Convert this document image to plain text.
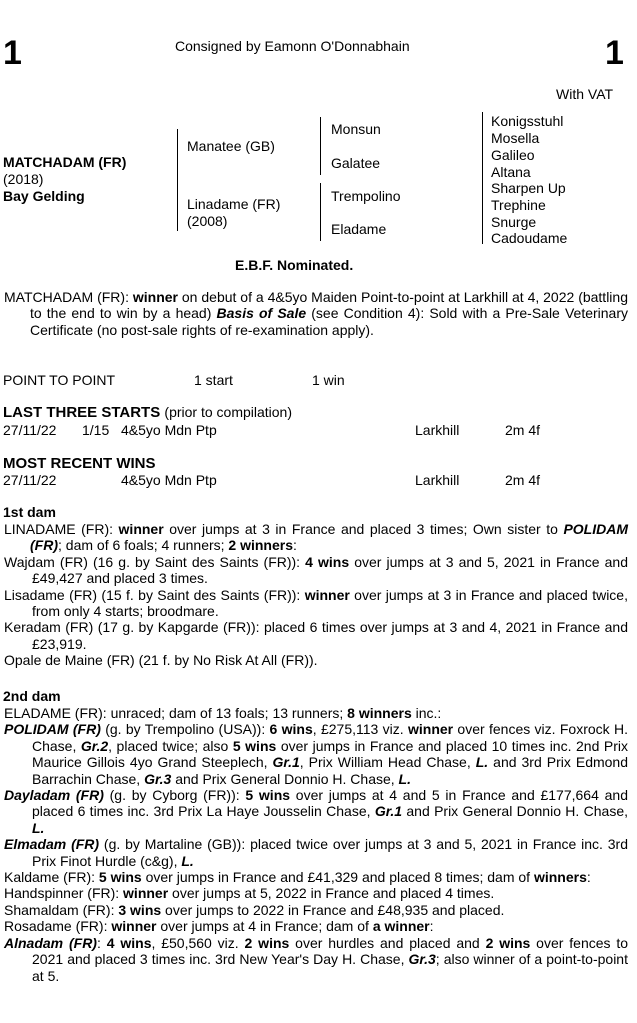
1	1
Consigned by Eamonn O'Donnabhain
With VAT
MATCHADAM (FR)
(2018)
Bay Gelding
Manatee (GB)
Linadame (FR)
(2008)
Monsun
Galatee
Trempolino
Eladame
Konigsstuhl
Mosella
Galileo
Altana
Sharpen Up
Trephine
Snurge
Cadoudame
E.B.F. Nominated.

MATCHADAM (FR): winner on debut of a 4&5yo Maiden Point-to-point at Larkhill at 4, 2022 (battling to the end to win by a head) Basis of Sale (see Condition 4): Sold with a Pre-Sale Veterinary Certificate (no post-sale rights of re-examination apply).

POINT TO POINT	1 start	1 win
LAST THREE STARTS (prior to compilation)
27/11/22 1/15 4&5yo Mdn Ptp	Larkhill	2m 4f
MOST RECENT WINS
27/11/22	4&5yo Mdn Ptp	Larkhill	2m 4f
1st dam

LINADAME (FR): winner over jumps at 3 in France and placed 3 times; Own sister to POLIDAM (FR); dam of 6 foals; 4 runners; 2 winners:

Wajdam (FR) (16 g. by Saint des Saints (FR)): 4 wins over jumps at 3 and 5, 2021 in France and £49,427 and placed 3 times.

Lisadame (FR) (15 f. by Saint des Saints (FR)): winner over jumps at 3 in France and placed twice, from only 4 starts; broodmare.

Keradam (FR) (17 g. by Kapgarde (FR)): placed 6 times over jumps at 3 and 4, 2021 in France and £23,919.

Opale de Maine (FR) (21 f. by No Risk At All (FR)).

2nd dam

ELADAME (FR): unraced; dam of 13 foals; 13 runners; 8 winners inc.:

POLIDAM (FR) (g. by Trempolino (USA)): 6 wins, £275,113 viz. winner over fences viz. Foxrock H. Chase, Gr.2, placed twice; also 5 wins over jumps in France and placed 10 times inc. 2nd Prix Maurice Gillois 4yo Grand Steeplech, Gr.1, Prix William Head Chase, L. and 3rd Prix Edmond Barrachin Chase, Gr.3 and Prix General Donnio H. Chase, L.

Dayladam (FR) (g. by Cyborg (FR)): 5 wins over jumps at 4 and 5 in France and £177,664 and placed 6 times inc. 3rd Prix La Haye Jousselin Chase, Gr.1 and Prix General Donnio H. Chase, L.

Elmadam (FR) (g. by Martaline (GB)): placed twice over jumps at 3 and 5, 2021 in France inc. 3rd Prix Finot Hurdle (c&g), L.

Kaldame (FR): 5 wins over jumps in France and £41,329 and placed 8 times; dam of winners:

Handspinner (FR): winner over jumps at 5, 2022 in France and placed 4 times.

Shamaldam (FR): 3 wins over jumps to 2022 in France and £48,935 and placed.

Rosadame (FR): winner over jumps at 4 in France; dam of a winner:

Alnadam (FR): 4 wins, £50,560 viz. 2 wins over hurdles and placed and 2 wins over fences to 2021 and placed 3 times inc. 3rd New Year's Day H. Chase, Gr.3; also winner of a point-to-point at 5.
